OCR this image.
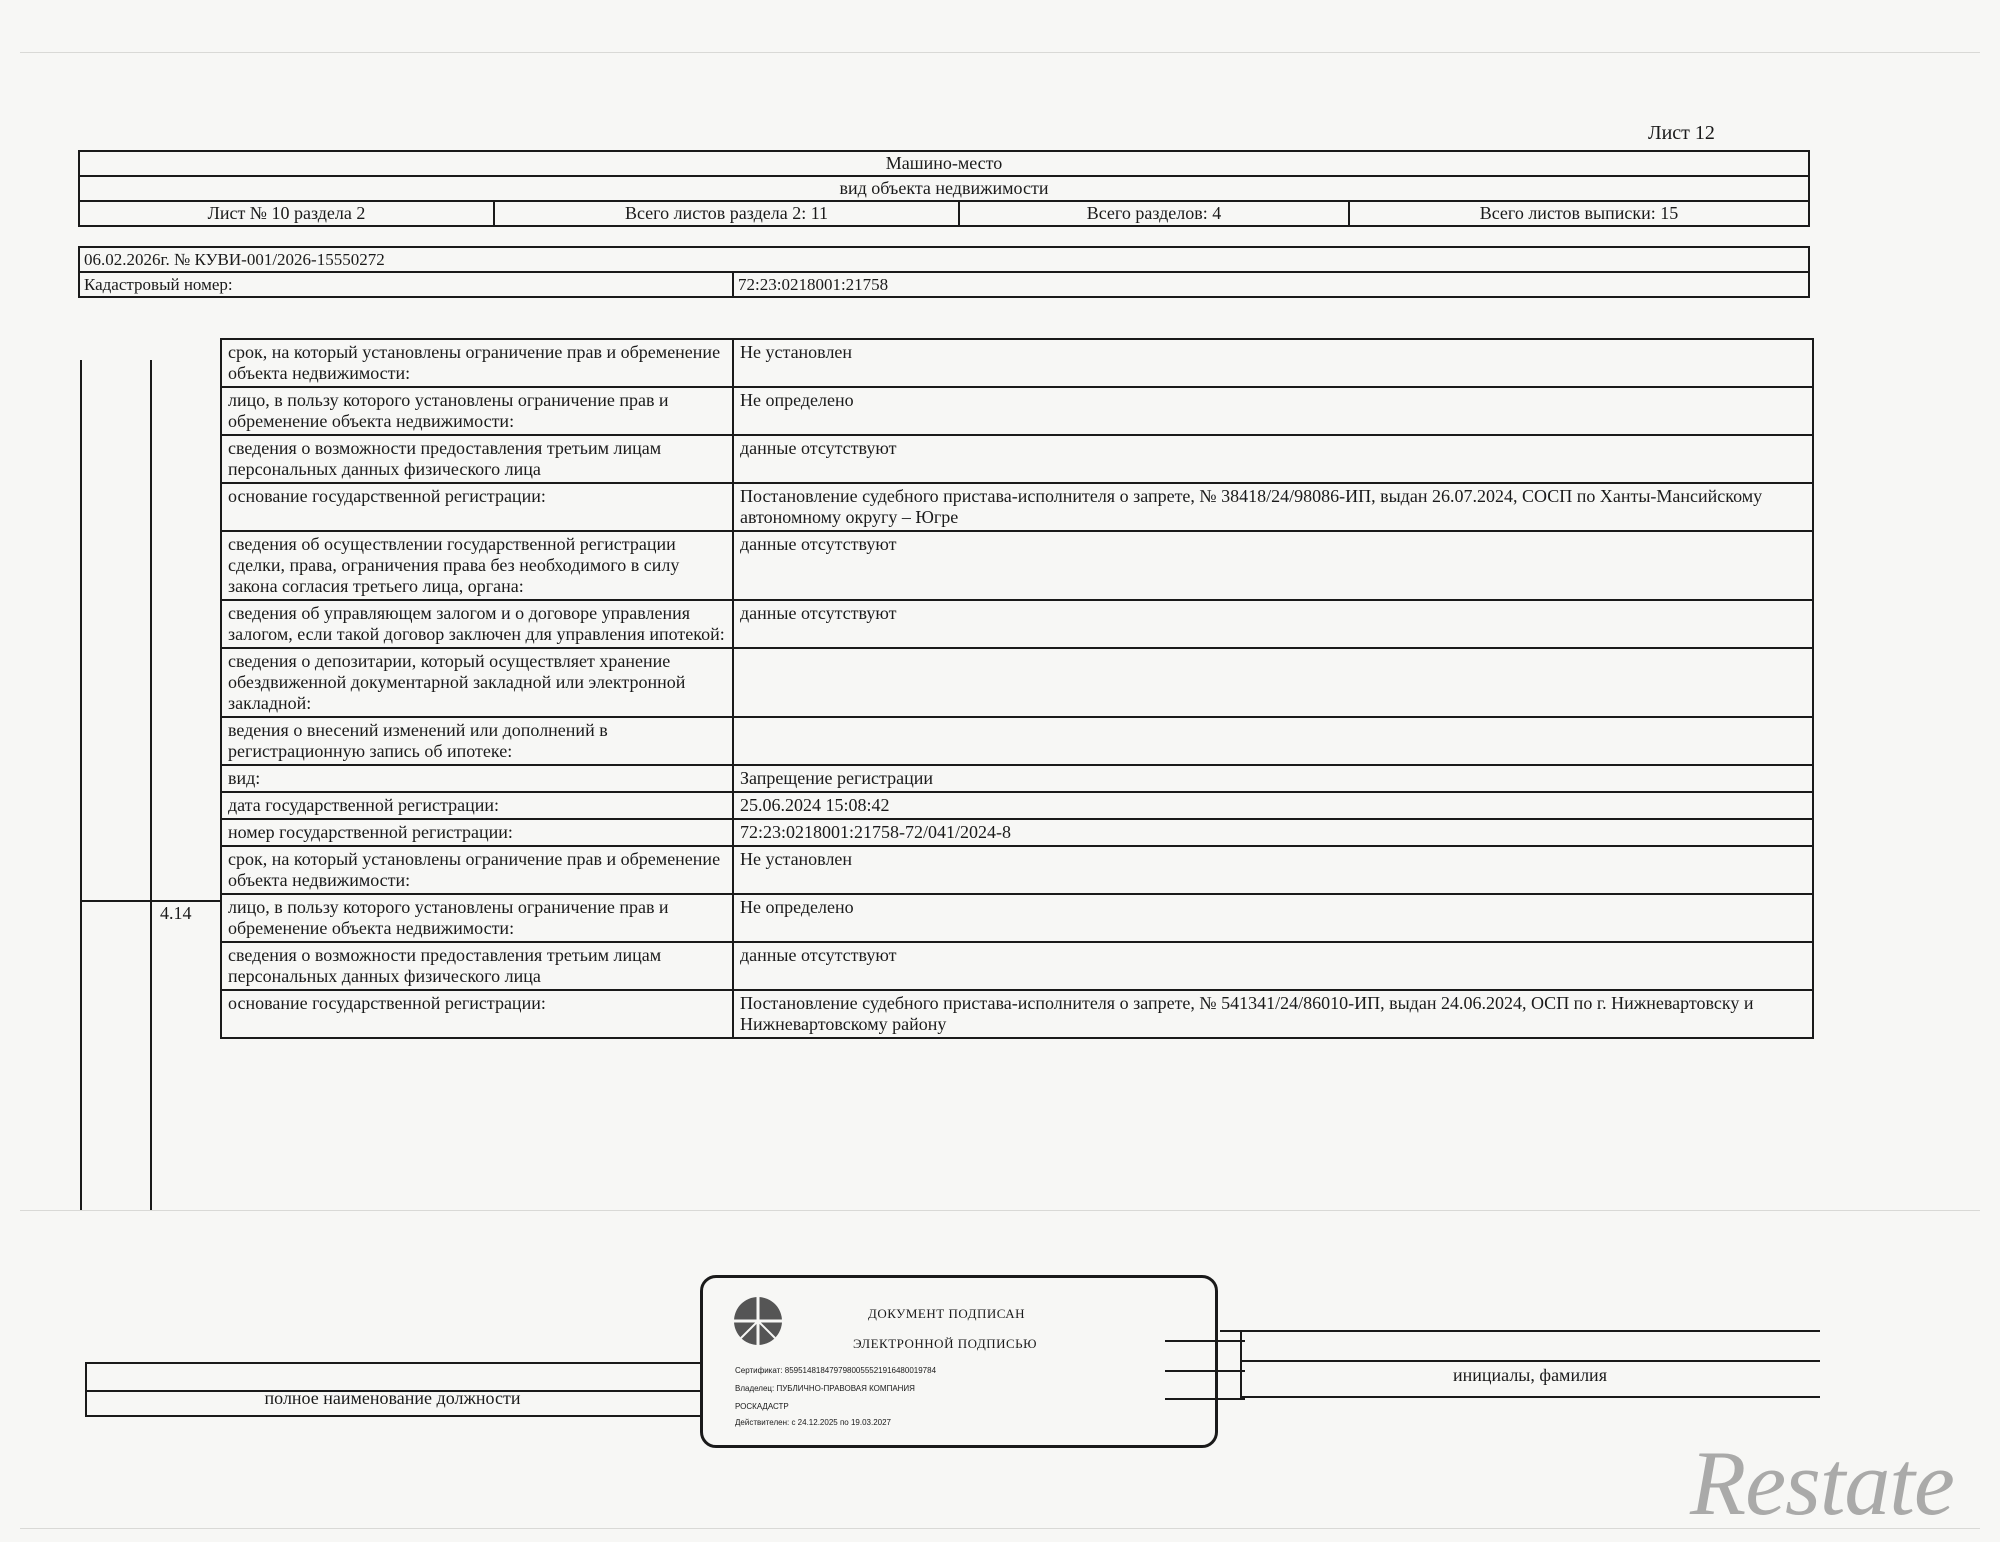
Лист 12
Машино-место
вид объекта недвижимости
Лист № 10 раздела 2	Всего листов раздела 2: 11	Всего разделов: 4	Всего листов выписки: 15
06.02.2026г. № КУВИ-001/2026-15550272
Кадастровый номер:	72:23:0218001:21758
4.14
срок, на который установлены ограничение прав и обременение объекта недвижимости:	Не установлен
лицо, в пользу которого установлены ограничение прав и обременение объекта недвижимости:	Не определено
сведения о возможности предоставления третьим лицам персональных данных физического лица	данные отсутствуют
основание государственной регистрации:	Постановление судебного пристава-исполнителя о запрете, № 38418/24/98086-ИП, выдан 26.07.2024, СОСП по Ханты-Мансийскому автономному округу – Югре
сведения об осуществлении государственной регистрации сделки, права, ограничения права без необходимого в силу закона согласия третьего лица, органа:	данные отсутствуют
сведения об управляющем залогом и о договоре управления залогом, если такой договор заключен для управления ипотекой:	данные отсутствуют
сведения о депозитарии, который осуществляет хранение обездвиженной документарной закладной или электронной закладной:	
ведения о внесений изменений или дополнений в регистрационную запись об ипотеке:	
вид:	Запрещение регистрации
дата государственной регистрации:	25.06.2024 15:08:42
номер государственной регистрации:	72:23:0218001:21758-72/041/2024-8
срок, на который установлены ограничение прав и обременение объекта недвижимости:	Не установлен
лицо, в пользу которого установлены ограничение прав и обременение объекта недвижимости:	Не определено
сведения о возможности предоставления третьим лицам персональных данных физического лица	данные отсутствуют
основание государственной регистрации:	Постановление судебного пристава-исполнителя о запрете, № 541341/24/86010-ИП, выдан 24.06.2024, ОСП по г. Нижневартовску и Нижневартовскому району
полное наименование должности
инициалы, фамилия
ДОКУМЕНТ ПОДПИСАН
ЭЛЕКТРОННОЙ ПОДПИСЬЮ
Сертификат: 8595148184797980055521916480019784
Владелец: ПУБЛИЧНО-ПРАВОВАЯ КОМПАНИЯ
РОСКАДАСТР
Действителен: с 24.12.2025 по 19.03.2027
Restate
